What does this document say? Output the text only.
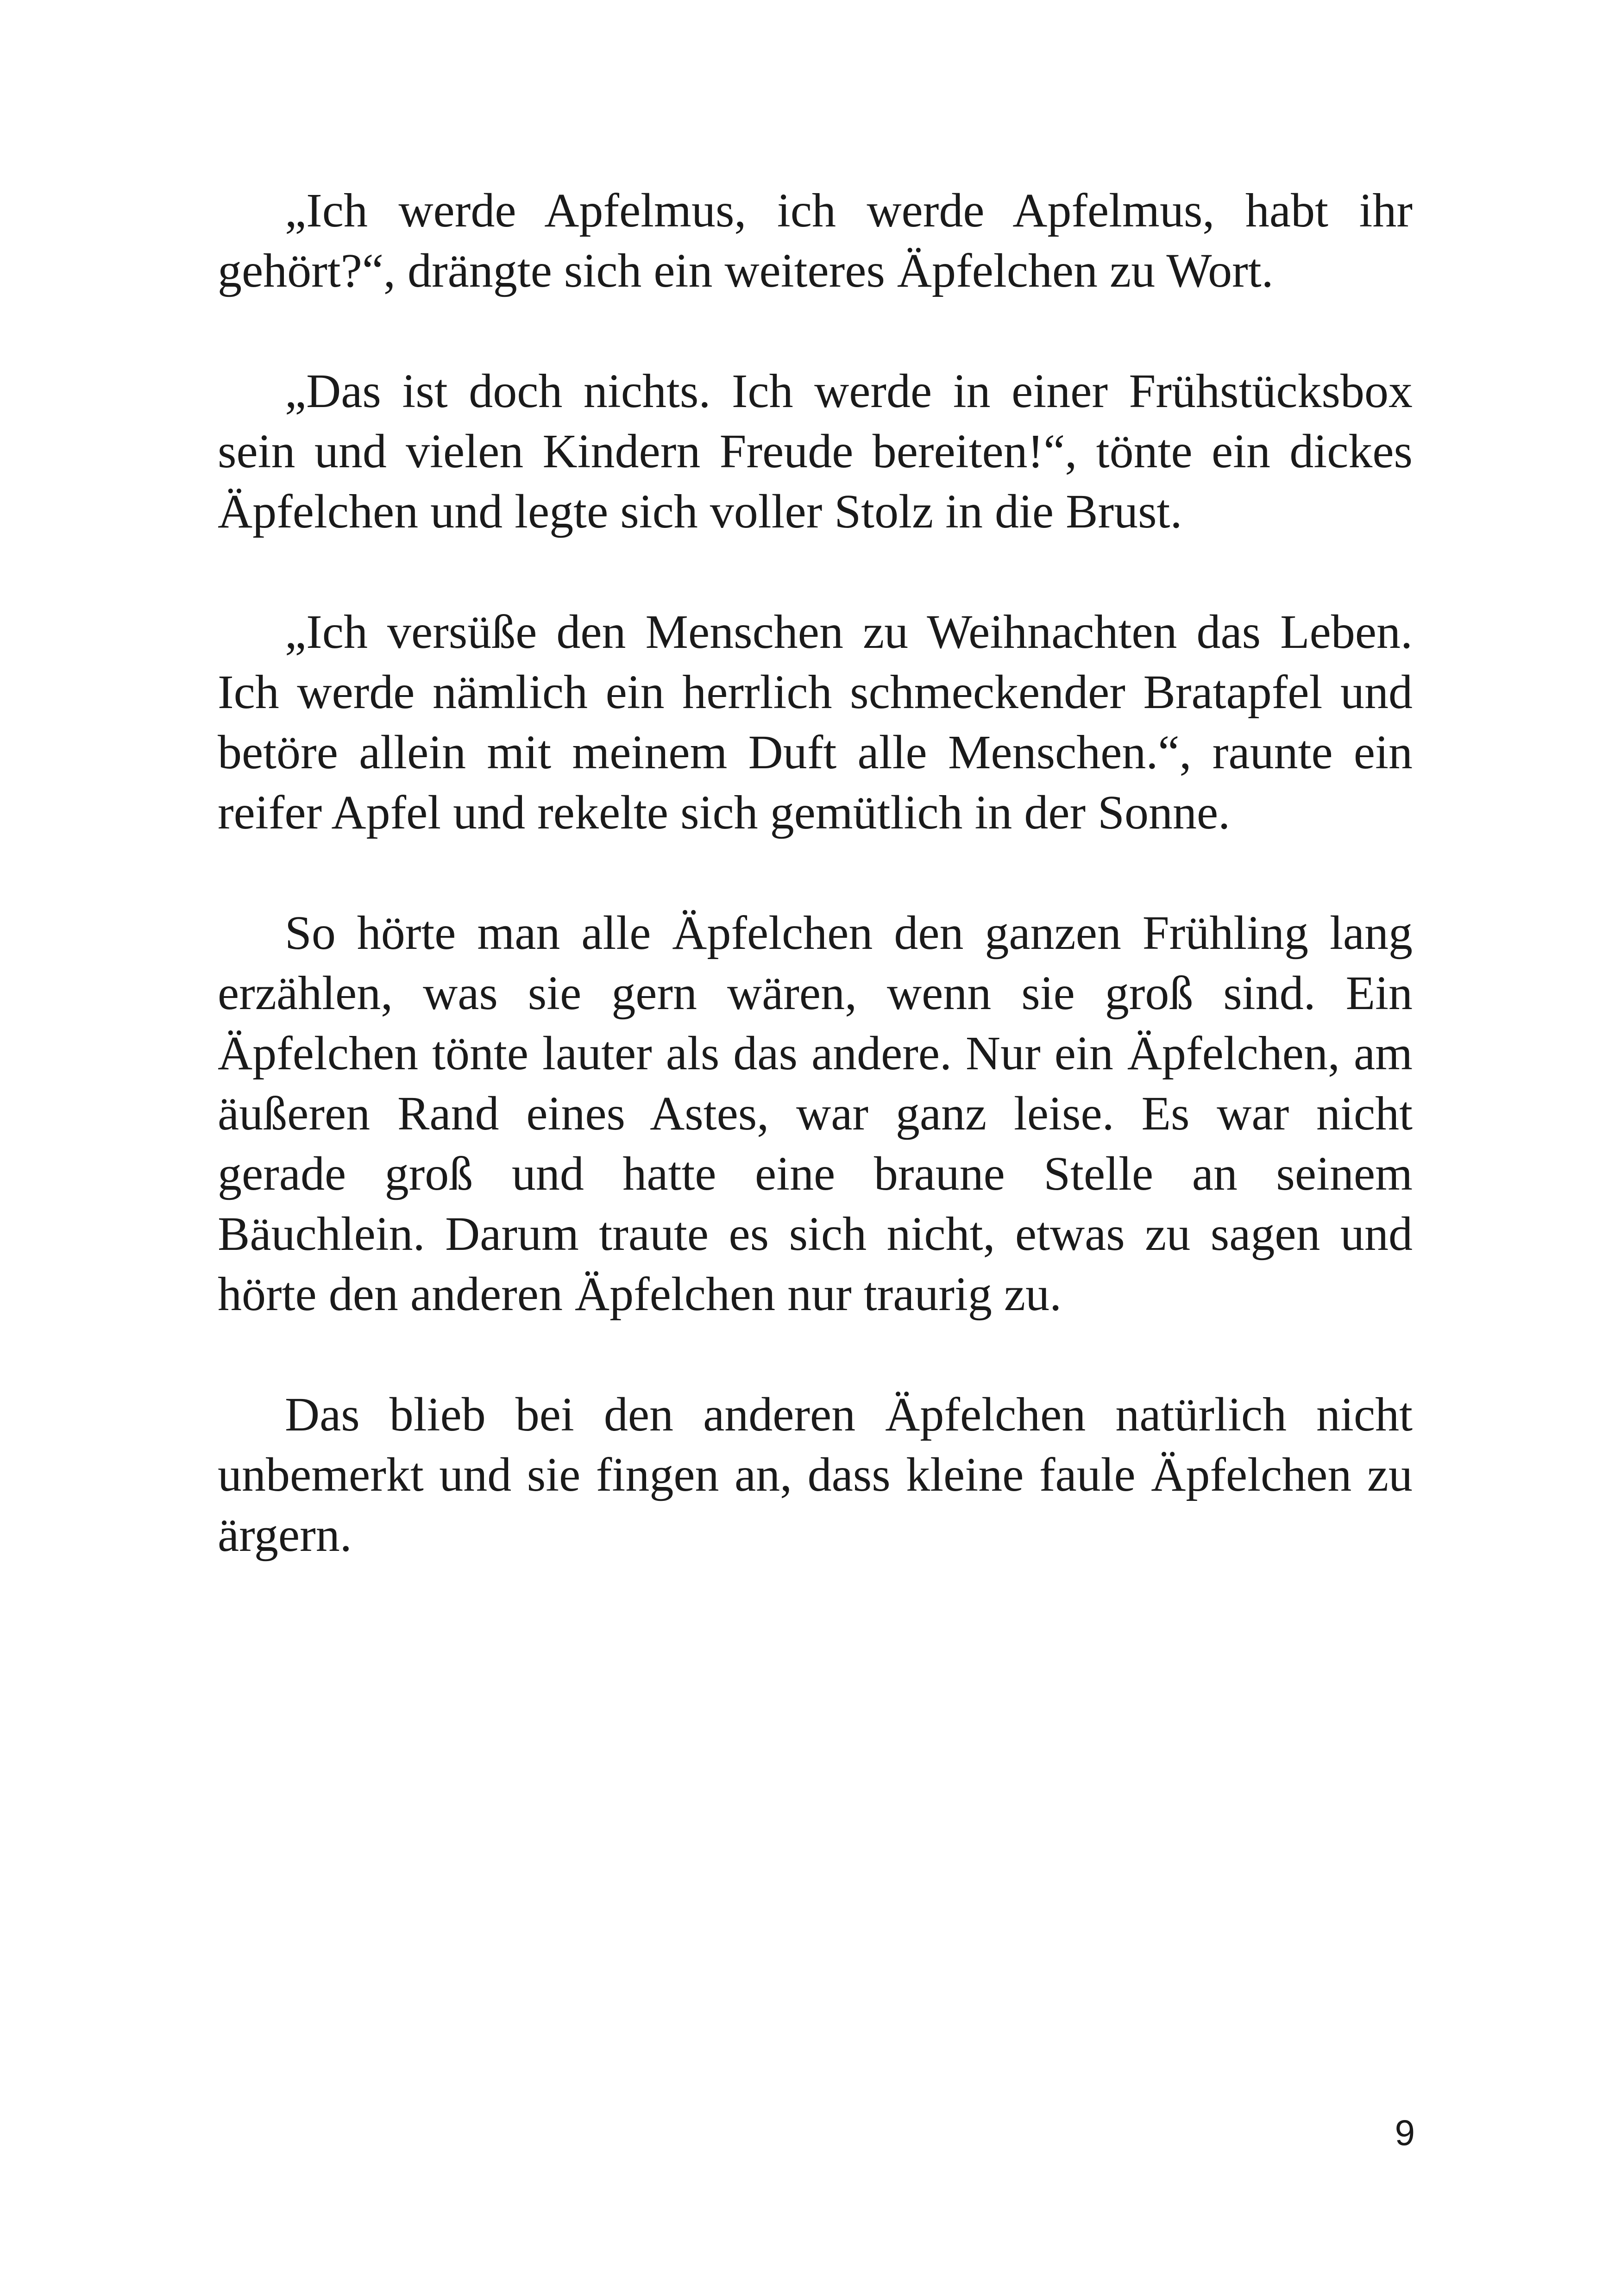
„Ich werde Apfelmus, ich werde Apfelmus, habt ihr gehört?“, drängte sich ein weiteres Äpfelchen zu Wort.

„Das ist doch nichts. Ich werde in einer Frühstücksbox sein und vielen Kindern Freude bereiten!“, tönte ein dickes Äpfelchen und legte sich voller Stolz in die Brust.

„Ich versüße den Menschen zu Weihnachten das Leben. Ich werde nämlich ein herrlich schmeckender Bratapfel und betöre allein mit meinem Duft alle Menschen.“, raunte ein reifer Apfel und rekelte sich gemütlich in der Sonne.

So hörte man alle Äpfelchen den ganzen Frühling lang erzählen, was sie gern wären, wenn sie groß sind. Ein Äpfelchen tönte lauter als das andere. Nur ein Äpfelchen, am äußeren Rand eines Astes, war ganz leise. Es war nicht gerade groß und hatte eine braune Stelle an seinem Bäuchlein. Darum traute es sich nicht, etwas zu sagen und hörte den anderen Äpfelchen nur traurig zu.

Das blieb bei den anderen Äpfelchen natürlich nicht unbemerkt und sie fingen an, dass kleine faule Äpfelchen zu ärgern.

9
